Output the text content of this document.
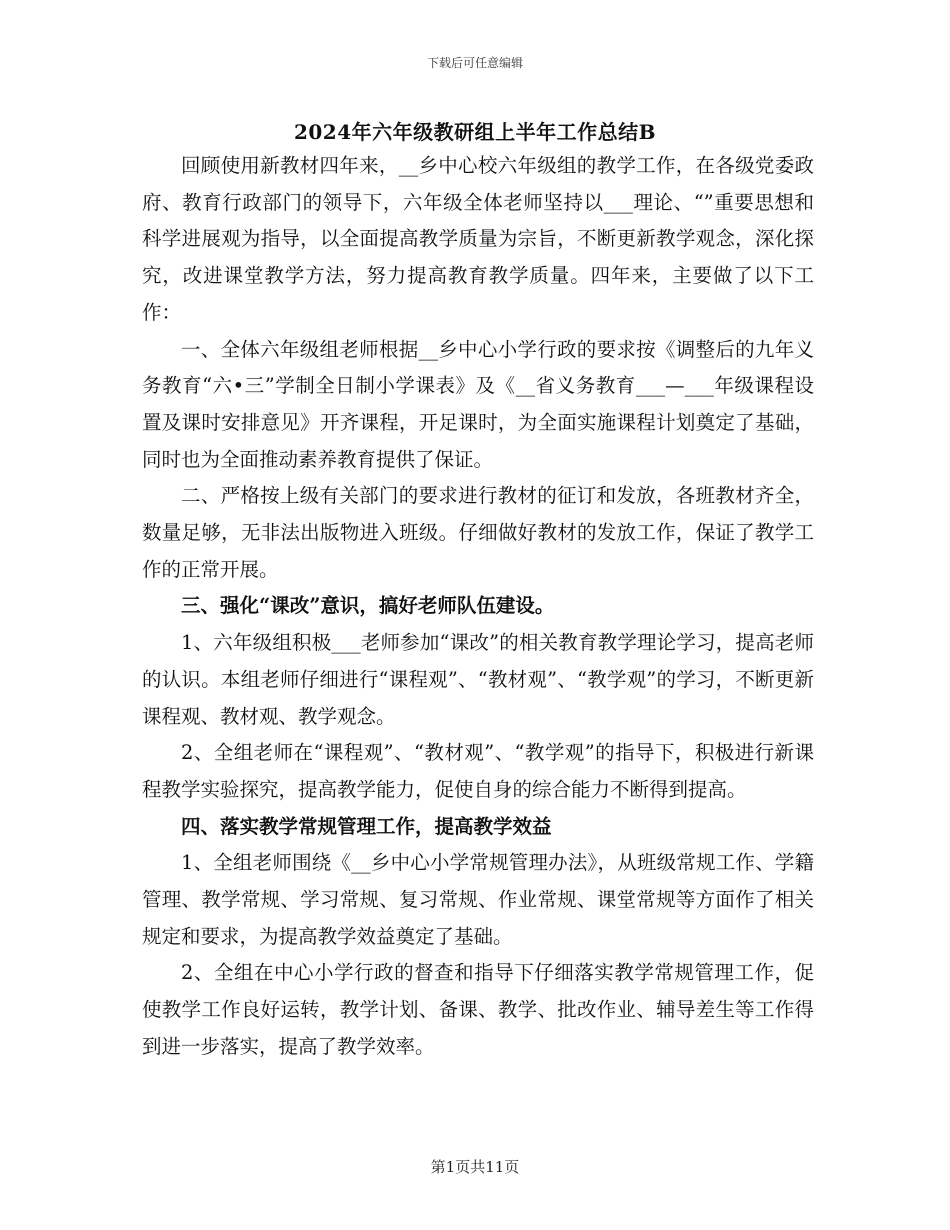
下载后可任意编辑
2024年六年级教研组上半年工作总结B

回顾使用新教材四年来，__乡中心校六年级组的教学工作，在各级党委政府、教育行政部门的领导下，六年级全体老师坚持以___理论、“”重要思想和科学进展观为指导，以全面提高教学质量为宗旨，不断更新教学观念，深化探究，改进课堂教学方法，努力提高教育教学质量。四年来，主要做了以下工作：

一、全体六年级组老师根据__乡中心小学行政的要求按《调整后的九年义务教育“六•三”学制全日制小学课表》及《__省义务教育___—___年级课程设置及课时安排意见》开齐课程，开足课时，为全面实施课程计划奠定了基础，同时也为全面推动素养教育提供了保证。

二、严格按上级有关部门的要求进行教材的征订和发放，各班教材齐全，数量足够，无非法出版物进入班级。仔细做好教材的发放工作，保证了教学工作的正常开展。

三、强化“课改”意识，搞好老师队伍建设。

1、六年级组积极___老师参加“课改”的相关教育教学理论学习，提高老师的认识。本组老师仔细进行“课程观”、“教材观”、“教学观”的学习，不断更新课程观、教材观、教学观念。

2、全组老师在“课程观”、“教材观”、“教学观”的指导下，积极进行新课程教学实验探究，提高教学能力，促使自身的综合能力不断得到提高。

四、落实教学常规管理工作，提高教学效益

1、全组老师围绕《__乡中心小学常规管理办法》，从班级常规工作、学籍管理、教学常规、学习常规、复习常规、作业常规、课堂常规等方面作了相关规定和要求，为提高教学效益奠定了基础。

2、全组在中心小学行政的督查和指导下仔细落实教学常规管理工作，促使教学工作良好运转，教学计划、备课、教学、批改作业、辅导差生等工作得到进一步落实，提高了教学效率。

第1页共11页
